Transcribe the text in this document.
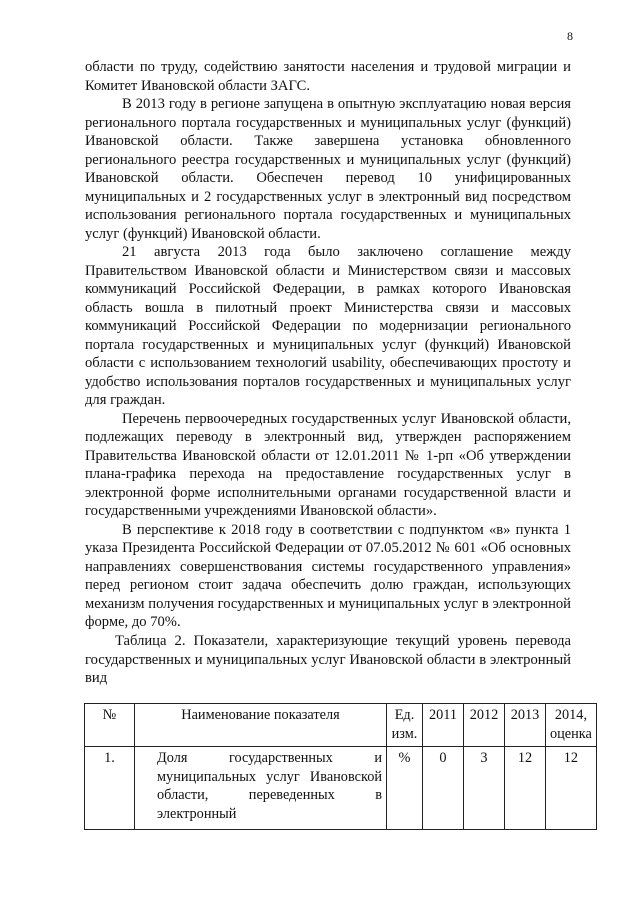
8

области по труду, содействию занятости населения и трудовой миграции и Комитет Ивановской области ЗАГС.

В 2013 году в регионе запущена в опытную эксплуатацию новая версия регионального портала государственных и муниципальных услуг (функций) Ивановской области. Также завершена установка обновленного регионального реестра государственных и муниципальных услуг (функций) Ивановской области. Обеспечен перевод 10 унифицированных муниципальных и 2 государственных услуг в электронный вид посредством использования регионального портала государственных и муниципальных услуг (функций) Ивановской области.

21 августа 2013 года было заключено соглашение между Правительством Ивановской области и Министерством связи и массовых коммуникаций Российской Федерации, в рамках которого Ивановская область вошла в пилотный проект Министерства связи и массовых коммуникаций Российской Федерации по модернизации регионального портала государственных и муниципальных услуг (функций) Ивановской области с использованием технологий usability, обеспечивающих простоту и удобство использования порталов государственных и муниципальных услуг для граждан.

Перечень первоочередных государственных услуг Ивановской области, подлежащих переводу в электронный вид, утвержден распоряжением Правительства Ивановской области от 12.01.2011 № 1-рп «Об утверждении плана-графика перехода на предоставление государственных услуг в электронной форме исполнительными органами государственной власти и государственными учреждениями Ивановской области».

В перспективе к 2018 году в соответствии с подпунктом «в» пункта 1 указа Президента Российской Федерации от 07.05.2012 № 601 «Об основных направлениях совершенствования системы государственного управления» перед регионом стоит задача обеспечить долю граждан, использующих механизм получения государственных и муниципальных услуг в электронной форме, до 70%.

Таблица 2. Показатели, характеризующие текущий уровень перевода государственных и муниципальных услуг Ивановской области в электронный вид

№	Наименование показателя	Ед. изм.	2011	2012	2013	2014, оценка
1.	Доля государственных и муниципальных услуг Ивановской области, переведенных в электронный	%	0	3	12	12
